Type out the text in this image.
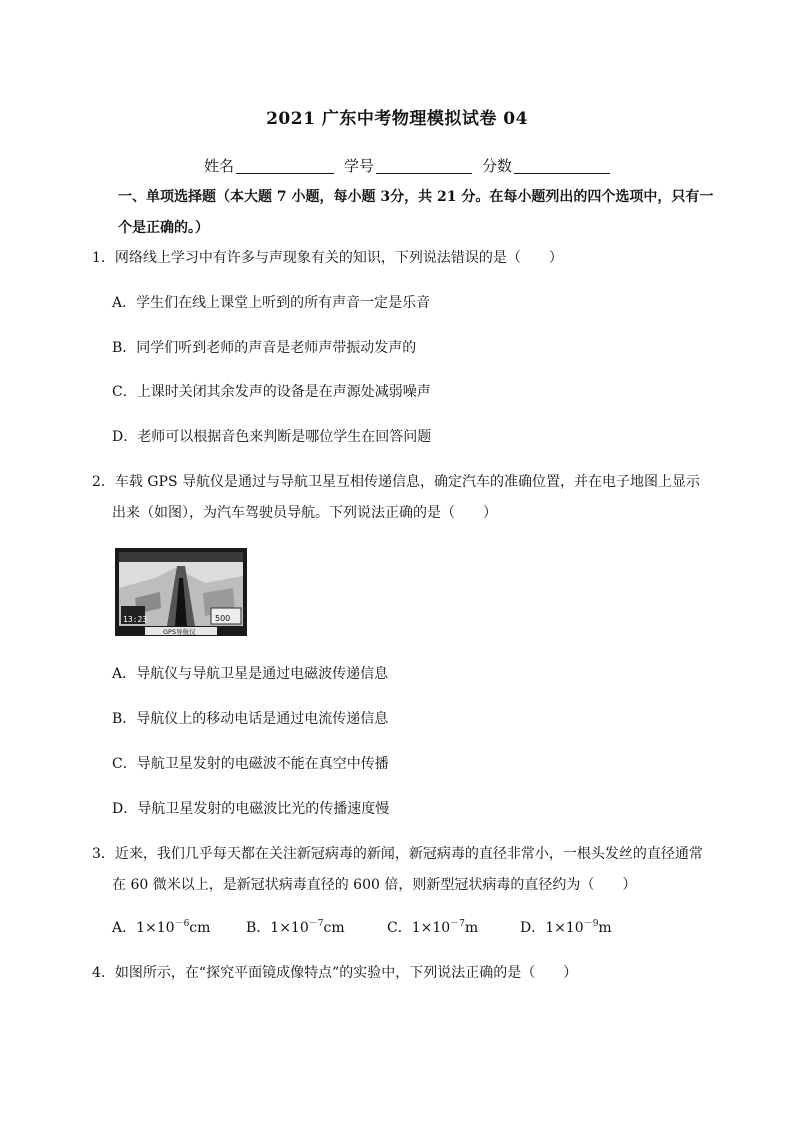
2021 广东中考物理模拟试卷 04
姓名	学号	分数
一、单项选择题（本大题 7 小题，每小题 3分，共 21 分。在每小题列出的四个选项中，只有一
个是正确的。）
1．网络线上学习中有许多与声现象有关的知识，下列说法错误的是（　　）
A．学生们在线上课堂上听到的所有声音一定是乐音
B．同学们听到老师的声音是老师声带振动发声的
C．上课时关闭其余发声的设备是在声源处减弱噪声
D．老师可以根据音色来判断是哪位学生在回答问题
2．车载 GPS 导航仪是通过与导航卫星互相传递信息，确定汽车的准确位置，并在电子地图上显示
出来（如图），为汽车驾驶员导航。下列说法正确的是（　　）
13:23	500
GPS导航仪
A．导航仪与导航卫星是通过电磁波传递信息
B．导航仪上的移动电话是通过电流传递信息
C．导航卫星发射的电磁波不能在真空中传播
D．导航卫星发射的电磁波比光的传播速度慢
3．近来，我们几乎每天都在关注新冠病毒的新闻，新冠病毒的直径非常小，一根头发丝的直径通常
在 60 微米以上，是新冠状病毒直径的 600 倍，则新型冠状病毒的直径约为（　　）
A．$1\times 10^{-6}cm$	B．$1\times 10^{-7}cm$	C．$1\times 10^{-7}m$	D．$1\times 10^{-9}m$
4．如图所示，在“探究平面镜成像特点”的实验中，下列说法正确的是（　　）
